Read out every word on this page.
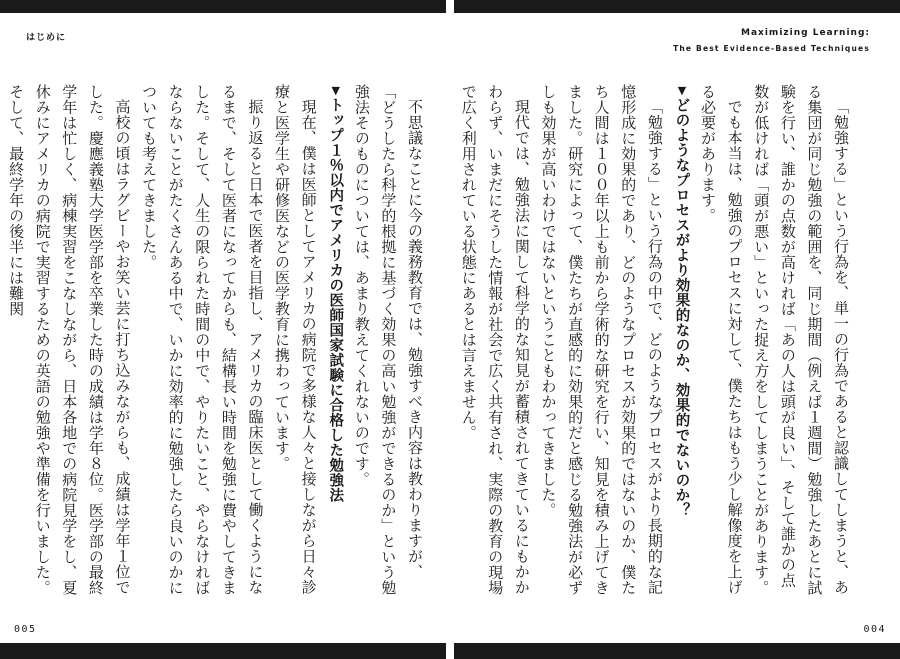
はじめに	Maximizing Learning:
The Best Evidence-Based Techniques

「勉強する」という行為を、単一の行為であると認識してしまうと、ある集団が同じ勉強の範囲を、同じ期間（例えば１週間）勉強したあとに試験を行い、誰かの点数が高ければ「あの人は頭が良い」、そして誰かの点数が低ければ「頭が悪い」といった捉え方をしてしまうことがあります。

でも本当は、勉強のプロセスに対して、僕たちはもう少し解像度を上げる必要があります。

▼どのようなプロセスがより効果的なのか、効果的でないのか？

「勉強する」という行為の中で、どのようなプロセスがより長期的な記憶形成に効果的であり、どのようなプロセスが効果的ではないのか、僕たち人間は１００年以上も前から学術的な研究を行い、知見を積み上げてきました。研究によって、僕たちが直感的に効果的だと感じる勉強法が必ずしも効果が高いわけではないということもわかってきました。

現代では、勉強法に関して科学的な知見が蓄積されてきているにもかかわらず、いまだにそうした情報が社会で広く共有され、実際の教育の現場で広く利用されている状態にあるとは言えません。

不思議なことに今の義務教育では、勉強すべき内容は教わりますが、「どうしたら科学的根拠に基づく効果の高い勉強ができるのか」という勉強法そのものについては、あまり教えてくれないのです。

▼トップ１％以内でアメリカの医師国家試験に合格した勉強法

現在、僕は医師としてアメリカの病院で多様な人々と接しながら日々診療と医学生や研修医などの医学教育に携わっています。

振り返ると日本で医者を目指し、アメリカの臨床医として働くようになるまで、そして医者になってからも、結構長い時間を勉強に費やしてきました。そして、人生の限られた時間の中で、やりたいこと、やらなければならないことがたくさんある中で、いかに効率的に勉強したら良いのかについても考えてきました。

高校の頃はラグビーやお笑い芸に打ち込みながらも、成績は学年１位でした。慶應義塾大学医学部を卒業した時の成績は学年８位。医学部の最終学年は忙しく、病棟実習をこなしながら、日本各地での病院見学をし、夏休みにアメリカの病院で実習するための英語の勉強や準備を行いました。そして、最終学年の後半には難関

005	004
